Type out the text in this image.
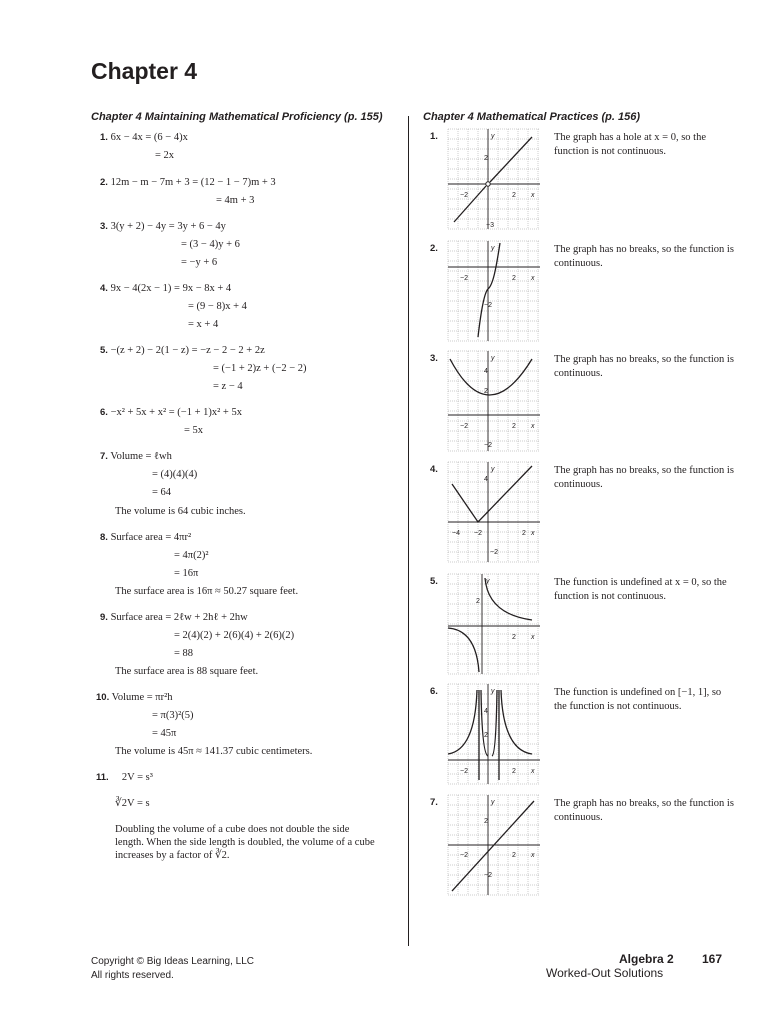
Chapter 4
Chapter 4 Maintaining Mathematical Proficiency (p. 155)	Chapter 4 Mathematical Practices (p. 156)
1. 6x − 4x = (6 − 4)x
= 2x
2. 12m − m − 7m + 3 = (12 − 1 − 7)m + 3
= 4m + 3
3. 3(y + 2) − 4y = 3y + 6 − 4y
= (3 − 4)y + 6
= −y + 6
4. 9x − 4(2x − 1) = 9x − 8x + 4
= (9 − 8)x + 4
= x + 4
5. −(z + 2) − 2(1 − z) = −z − 2 − 2 + 2z
= (−1 + 2)z + (−2 − 2)
= z − 4
6. −x² + 5x + x² = (−1 + 1)x² + 5x
= 5x
7. Volume = ℓwh
= (4)(4)(4)
= 64
The volume is 64 cubic inches.
8. Surface area = 4πr²
= 4π(2)²
= 16π
The surface area is 16π ≈ 50.27 square feet.
9. Surface area = 2ℓw + 2hℓ + 2hw
= 2(4)(2) + 2(6)(4) + 2(6)(2)
= 88
The surface area is 88 square feet.
10. Volume = πr²h
= π(3)²(5)
= 45π
The volume is 45π ≈ 141.37 cubic centimeters.
11. 2V = s³
∛2V = s
Doubling the volume of a cube does not double the side length. When the side length is doubled, the volume of a cube increases by a factor of ∛2.
1.	The graph has a hole at x = 0, so the function is not continuous.
y
2
−2	2 x
−3
2.	The graph has no breaks, so the function is continuous.
y
−2	2 x
−2
3.	The graph has no breaks, so the function is continuous.
y
4
2
−2	2 x
−2
4.	The graph has no breaks, so the function is continuous.
y
4
−4 −2	2 x
−2
5.	The function is undefined at x = 0, so the function is not continuous.
y
2
2 x
6.	The function is undefined on [−1, 1], so the function is not continuous.
y
4
2
−2	2 x
7.	The graph has no breaks, so the function is continuous.
y
2
−2	2 x
−2
Copyright © Big Ideas Learning, LLC
All rights reserved.
Algebra 2 167
Worked-Out Solutions
